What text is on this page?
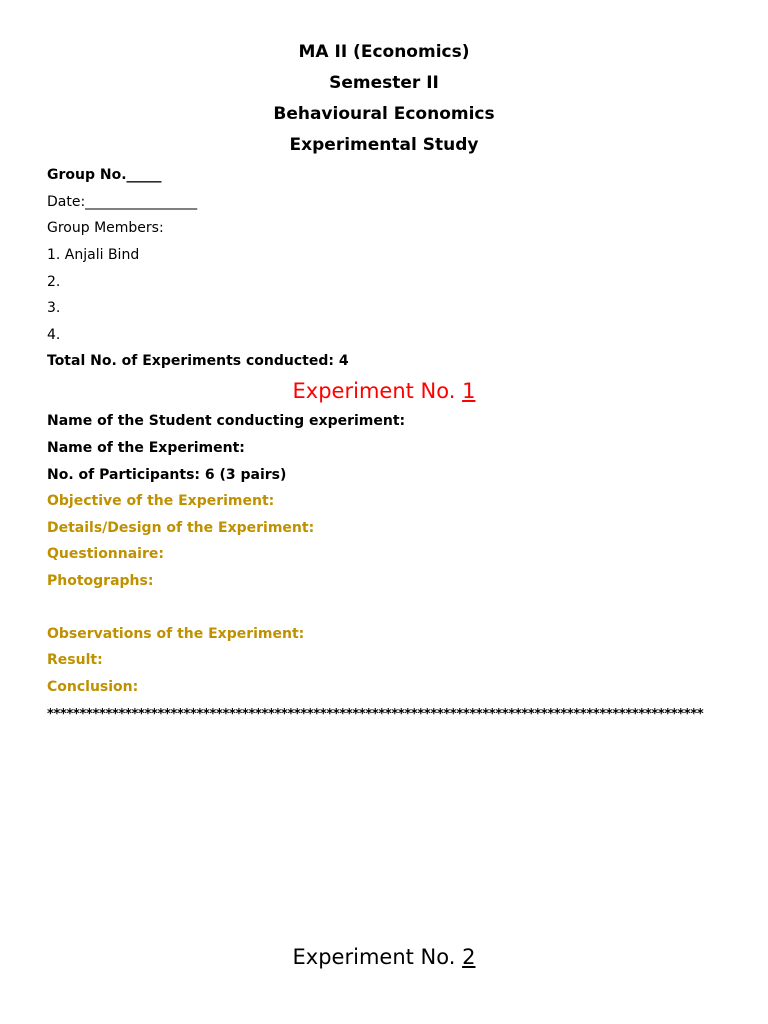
MA II (Economics)
Semester II
Behavioural Economics
Experimental Study
Group No._____
Date:________________
Group Members:
1. Anjali Bind
2.
3.
4.
Total No. of Experiments conducted: 4
Experiment No. 1
Name of the Student conducting experiment:
Name of the Experiment:
No. of Participants: 6 (3 pairs)
Objective of the Experiment:
Details/Design of the Experiment:
Questionnaire:
Photographs:
Observations of the Experiment:
Result:
Conclusion:
*****************************************************************************************************
Experiment No. 2
